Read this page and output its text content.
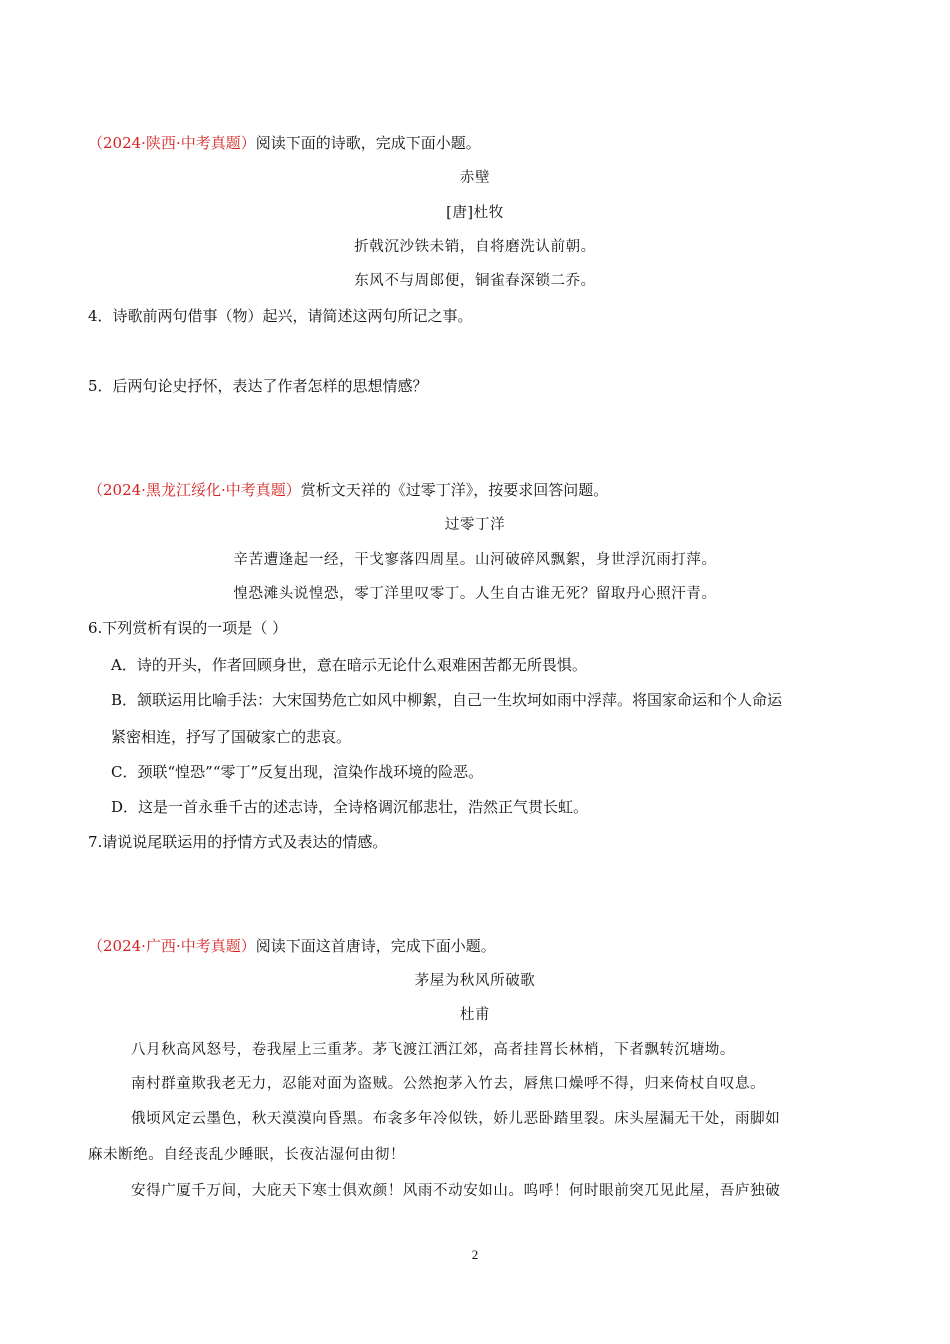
（2024·陕西·中考真题）阅读下面的诗歌，完成下面小题。
赤壁
[唐]杜牧
折戟沉沙铁未销，自将磨洗认前朝。
东风不与周郎便，铜雀春深锁二乔。
4．诗歌前两句借事（物）起兴，请简述这两句所记之事。
5．后两句论史抒怀，表达了作者怎样的思想情感？
（2024·黑龙江绥化·中考真题）赏析文天祥的《过零丁洋》，按要求回答问题。
过零丁洋
辛苦遭逢起一经，干戈寥落四周星。山河破碎风飘絮，身世浮沉雨打萍。
惶恐滩头说惶恐，零丁洋里叹零丁。人生自古谁无死？留取丹心照汗青。
6.下列赏析有误的一项是（ ）
A．诗的开头，作者回顾身世，意在暗示无论什么艰难困苦都无所畏惧。
B．颔联运用比喻手法：大宋国势危亡如风中柳絮，自己一生坎坷如雨中浮萍。将国家命运和个人命运
紧密相连，抒写了国破家亡的悲哀。
C．颈联“惶恐”“零丁”反复出现，渲染作战环境的险恶。
D．这是一首永垂千古的述志诗，全诗格调沉郁悲壮，浩然正气贯长虹。
7.请说说尾联运用的抒情方式及表达的情感。
（2024·广西·中考真题）阅读下面这首唐诗，完成下面小题。
茅屋为秋风所破歌
杜甫
八月秋高风怒号，卷我屋上三重茅。茅飞渡江洒江郊，高者挂罥长林梢，下者飘转沉塘坳。
南村群童欺我老无力，忍能对面为盗贼。公然抱茅入竹去，唇焦口燥呼不得，归来倚杖自叹息。
俄顷风定云墨色，秋天漠漠向昏黑。布衾多年冷似铁，娇儿恶卧踏里裂。床头屋漏无干处，雨脚如
麻未断绝。自经丧乱少睡眠，长夜沾湿何由彻！
安得广厦千万间，大庇天下寒士俱欢颜！风雨不动安如山。呜呼！何时眼前突兀见此屋，吾庐独破
2
